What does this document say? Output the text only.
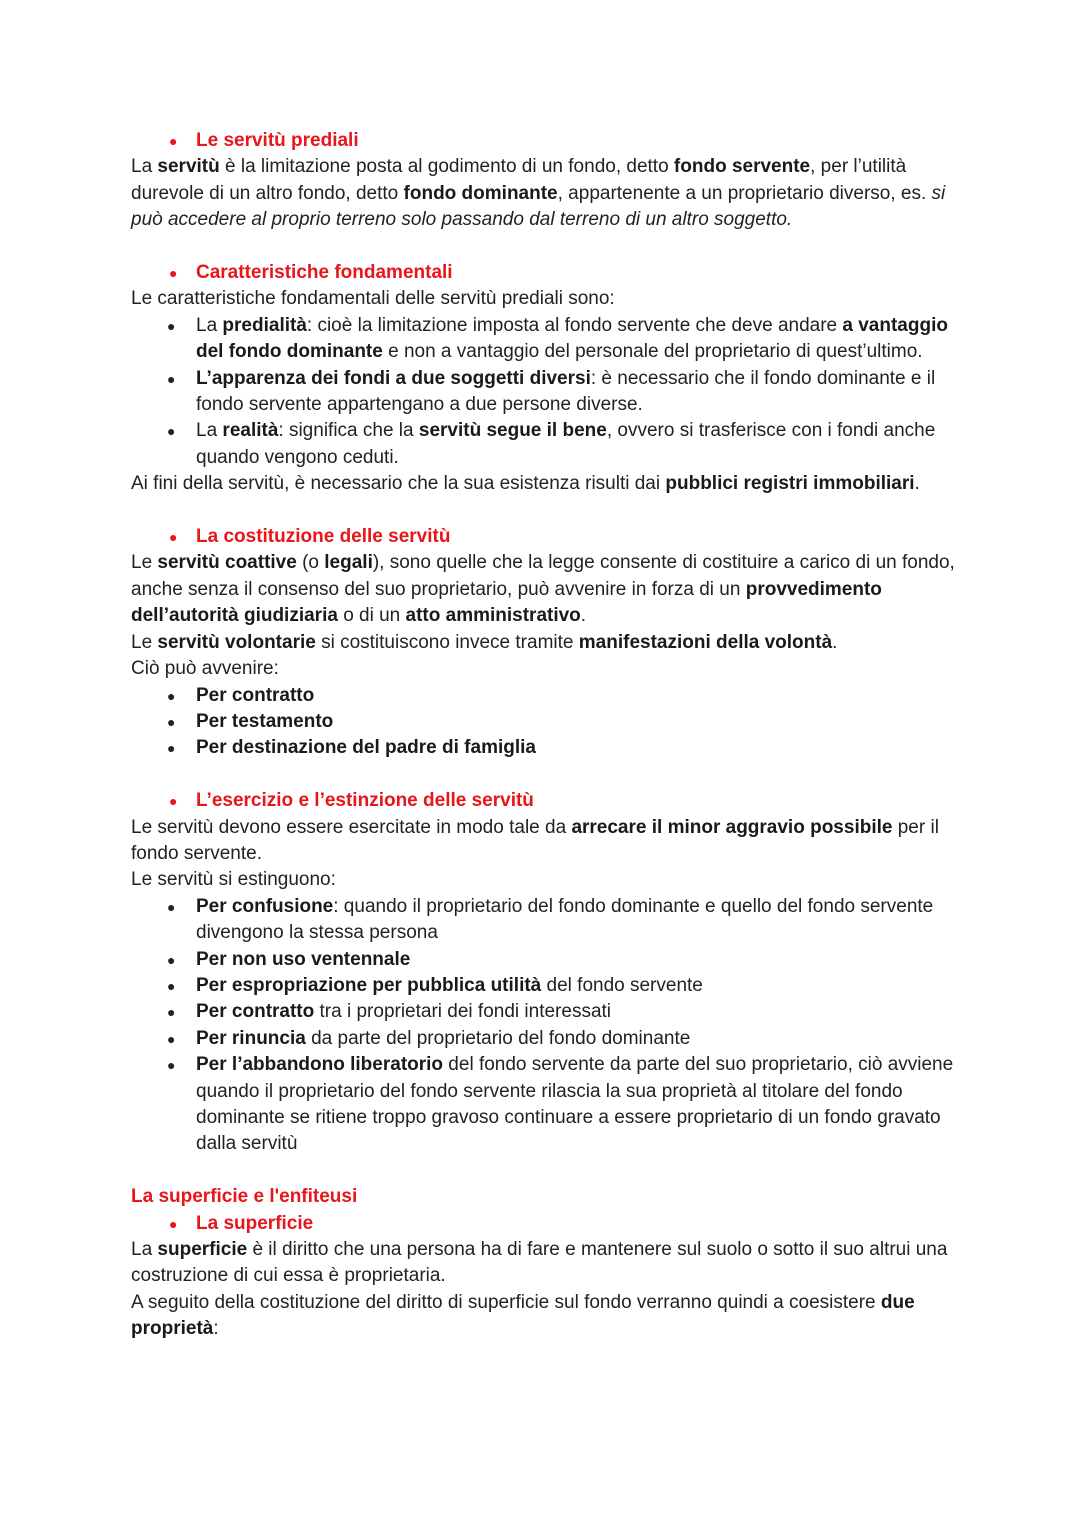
● Le servitù prediali

La servitù è la limitazione posta al godimento di un fondo, detto fondo servente, per l’utilità durevole di un altro fondo, detto fondo dominante, appartenente a un proprietario diverso, es. si può accedere al proprio terreno solo passando dal terreno di un altro soggetto.

● Caratteristiche fondamentali

Le caratteristiche fondamentali delle servitù prediali sono:

● La predialità: cioè la limitazione imposta al fondo servente che deve andare a vantaggio del fondo dominante e non a vantaggio del personale del proprietario di quest’ultimo.
● L’apparenza dei fondi a due soggetti diversi: è necessario che il fondo dominante e il fondo servente appartengano a due persone diverse.
● La realità: significa che la servitù segue il bene, ovvero si trasferisce con i fondi anche quando vengono ceduti.

Ai fini della servitù, è necessario che la sua esistenza risulti dai pubblici registri immobiliari.

● La costituzione delle servitù

Le servitù coattive (o legali), sono quelle che la legge consente di costituire a carico di un fondo, anche senza il consenso del suo proprietario, può avvenire in forza di un provvedimento dell’autorità giudiziaria o di un atto amministrativo.

Le servitù volontarie si costituiscono invece tramite manifestazioni della volontà.

Ciò può avvenire:

● Per contratto
● Per testamento
● Per destinazione del padre di famiglia
● L’esercizio e l’estinzione delle servitù

Le servitù devono essere esercitate in modo tale da arrecare il minor aggravio possibile per il fondo servente.

Le servitù si estinguono:

● Per confusione: quando il proprietario del fondo dominante e quello del fondo servente divengono la stessa persona
● Per non uso ventennale
● Per espropriazione per pubblica utilità del fondo servente
● Per contratto tra i proprietari dei fondi interessati
● Per rinuncia da parte del proprietario del fondo dominante
● Per l’abbandono liberatorio del fondo servente da parte del suo proprietario, ciò avviene quando il proprietario del fondo servente rilascia la sua proprietà al titolare del fondo dominante se ritiene troppo gravoso continuare a essere proprietario di un fondo gravato dalla servitù

La superficie e l'enfiteusi

● La superficie

La superficie è il diritto che una persona ha di fare e mantenere sul suolo o sotto il suo altrui una costruzione di cui essa è proprietaria.

A seguito della costituzione del diritto di superficie sul fondo verranno quindi a coesistere due proprietà:
